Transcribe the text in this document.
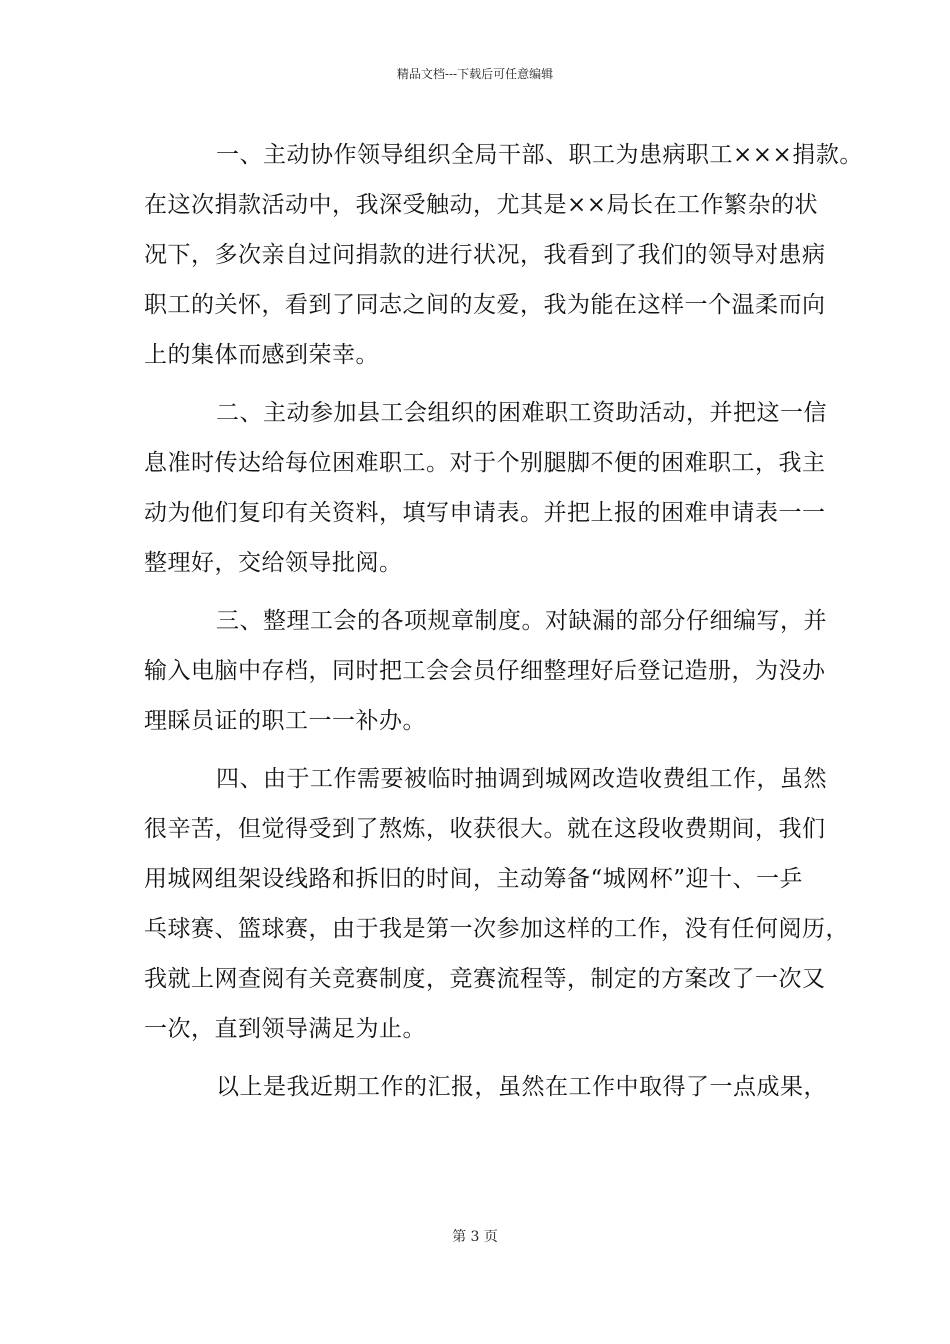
精品文档---下载后可任意编辑
一、主动协作领导组织全局干部、职工为患病职工×××捐款。
在这次捐款活动中，我深受触动，尤其是××局长在工作繁杂的状
况下，多次亲自过问捐款的进行状况，我看到了我们的领导对患病
职工的关怀，看到了同志之间的友爱，我为能在这样一个温柔而向
上的集体而感到荣幸。
二、主动参加县工会组织的困难职工资助活动，并把这一信
息准时传达给每位困难职工。对于个别腿脚不便的困难职工，我主
动为他们复印有关资料，填写申请表。并把上报的困难申请表一一
整理好，交给领导批阅。
三、整理工会的各项规章制度。对缺漏的部分仔细编写，并
输入电脑中存档，同时把工会会员仔细整理好后登记造册，为没办
理睬员证的职工一一补办。
四、由于工作需要被临时抽调到城网改造收费组工作，虽然
很辛苦，但觉得受到了熬炼，收获很大。就在这段收费期间，我们
用城网组架设线路和拆旧的时间，主动筹备“城网杯”迎十、一乒
乓球赛、篮球赛，由于我是第一次参加这样的工作，没有任何阅历，
我就上网查阅有关竞赛制度，竞赛流程等，制定的方案改了一次又
一次，直到领导满足为止。
以上是我近期工作的汇报，虽然在工作中取得了一点成果，
第 3 页
